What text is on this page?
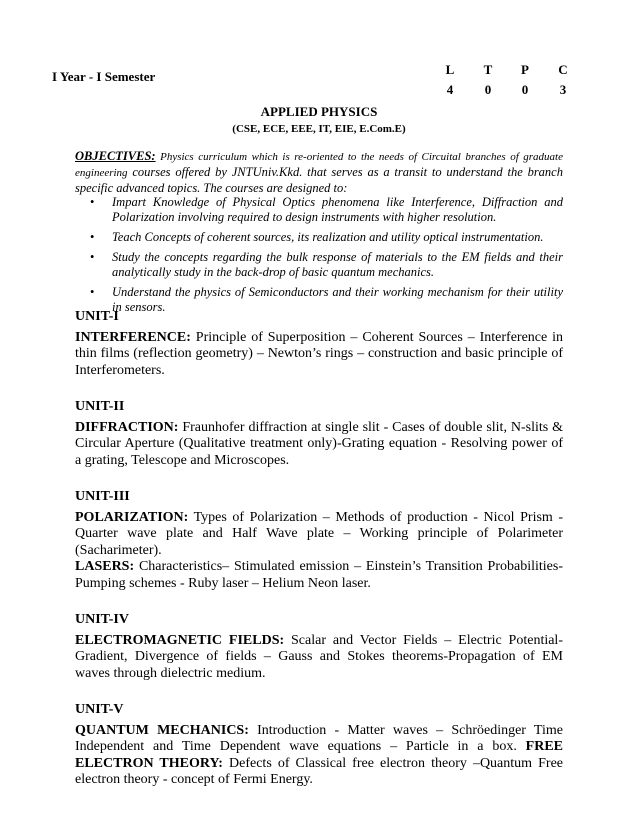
I Year - I Semester	L	T	P	C
4	0	0	3
APPLIED PHYSICS
(CSE, ECE, EEE, IT, EIE, E.Com.E)
OBJECTIVES: Physics curriculum which is re-oriented to the needs of Circuital branches of graduate engineering courses offered by JNTUniv.Kkd. that serves as a transit to understand the branch specific advanced topics. The courses are designed to:
• Impart Knowledge of Physical Optics phenomena like Interference, Diffraction and Polarization involving required to design instruments with higher resolution.
• Teach Concepts of coherent sources, its realization and utility optical instrumentation.
• Study the concepts regarding the bulk response of materials to the EM fields and their analytically study in the back-drop of basic quantum mechanics.
• Understand the physics of Semiconductors and their working mechanism for their utility in sensors.
UNIT-I

INTERFERENCE: Principle of Superposition – Coherent Sources – Interference in thin films (reflection geometry) – Newton’s rings – construction and basic principle of Interferometers.

UNIT-II

DIFFRACTION: Fraunhofer diffraction at single slit - Cases of double slit, N-slits & Circular Aperture (Qualitative treatment only)-Grating equation - Resolving power of a grating, Telescope and Microscopes.

UNIT-III

POLARIZATION: Types of Polarization – Methods of production - Nicol Prism -Quarter wave plate and Half Wave plate – Working principle of Polarimeter (Sacharimeter).

LASERS: Characteristics– Stimulated emission – Einstein’s Transition Probabilities-Pumping schemes - Ruby laser – Helium Neon laser.

UNIT-IV

ELECTROMAGNETIC FIELDS: Scalar and Vector Fields – Electric Potential-Gradient, Divergence of fields – Gauss and Stokes theorems-Propagation of EM waves through dielectric medium.

UNIT-V

QUANTUM MECHANICS: Introduction - Matter waves – Schröedinger Time Independent and Time Dependent wave equations – Particle in a box. FREE ELECTRON THEORY: Defects of Classical free electron theory –Quantum Free electron theory - concept of Fermi Energy.
